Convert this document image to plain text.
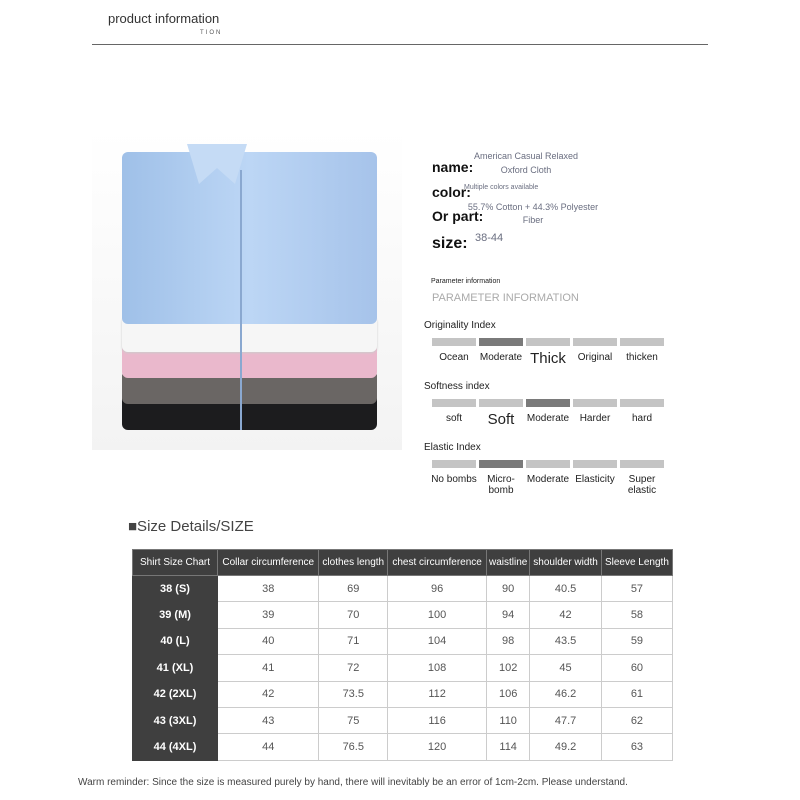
product information
TION
name:
American Casual Relaxed
Oxford Cloth
color:
Multiple colors available
Or part:
55.7% Cotton + 44.3% Polyester
Fiber
size: 38-44
Parameter information
PARAMETER INFORMATION
Originality Index
Ocean	Moderate Thick	Original	thicken
Softness index
soft	Soft	Moderate	Harder	hard
Elastic Index
No bombs	Micro-bomb
Moderate Elasticity	Super elastic
■Size Details/SIZE
Shirt Size Chart	Collar circumference	clothes length	chest circumference	waistline	shoulder width	Sleeve Length
38 (S)	38	69	96	90	40.5	57
39 (M)	39	70	100	94	42	58
40 (L)	40	71	104	98	43.5	59
41 (XL)	41	72	108	102	45	60
42 (2XL)	42	73.5	112	106	46.2	61
43 (3XL)	43	75	116	110	47.7	62
44 (4XL)	44	76.5	120	114	49.2	63
Warm reminder: Since the size is measured purely by hand, there will inevitably be an error of 1cm-2cm. Please understand.
